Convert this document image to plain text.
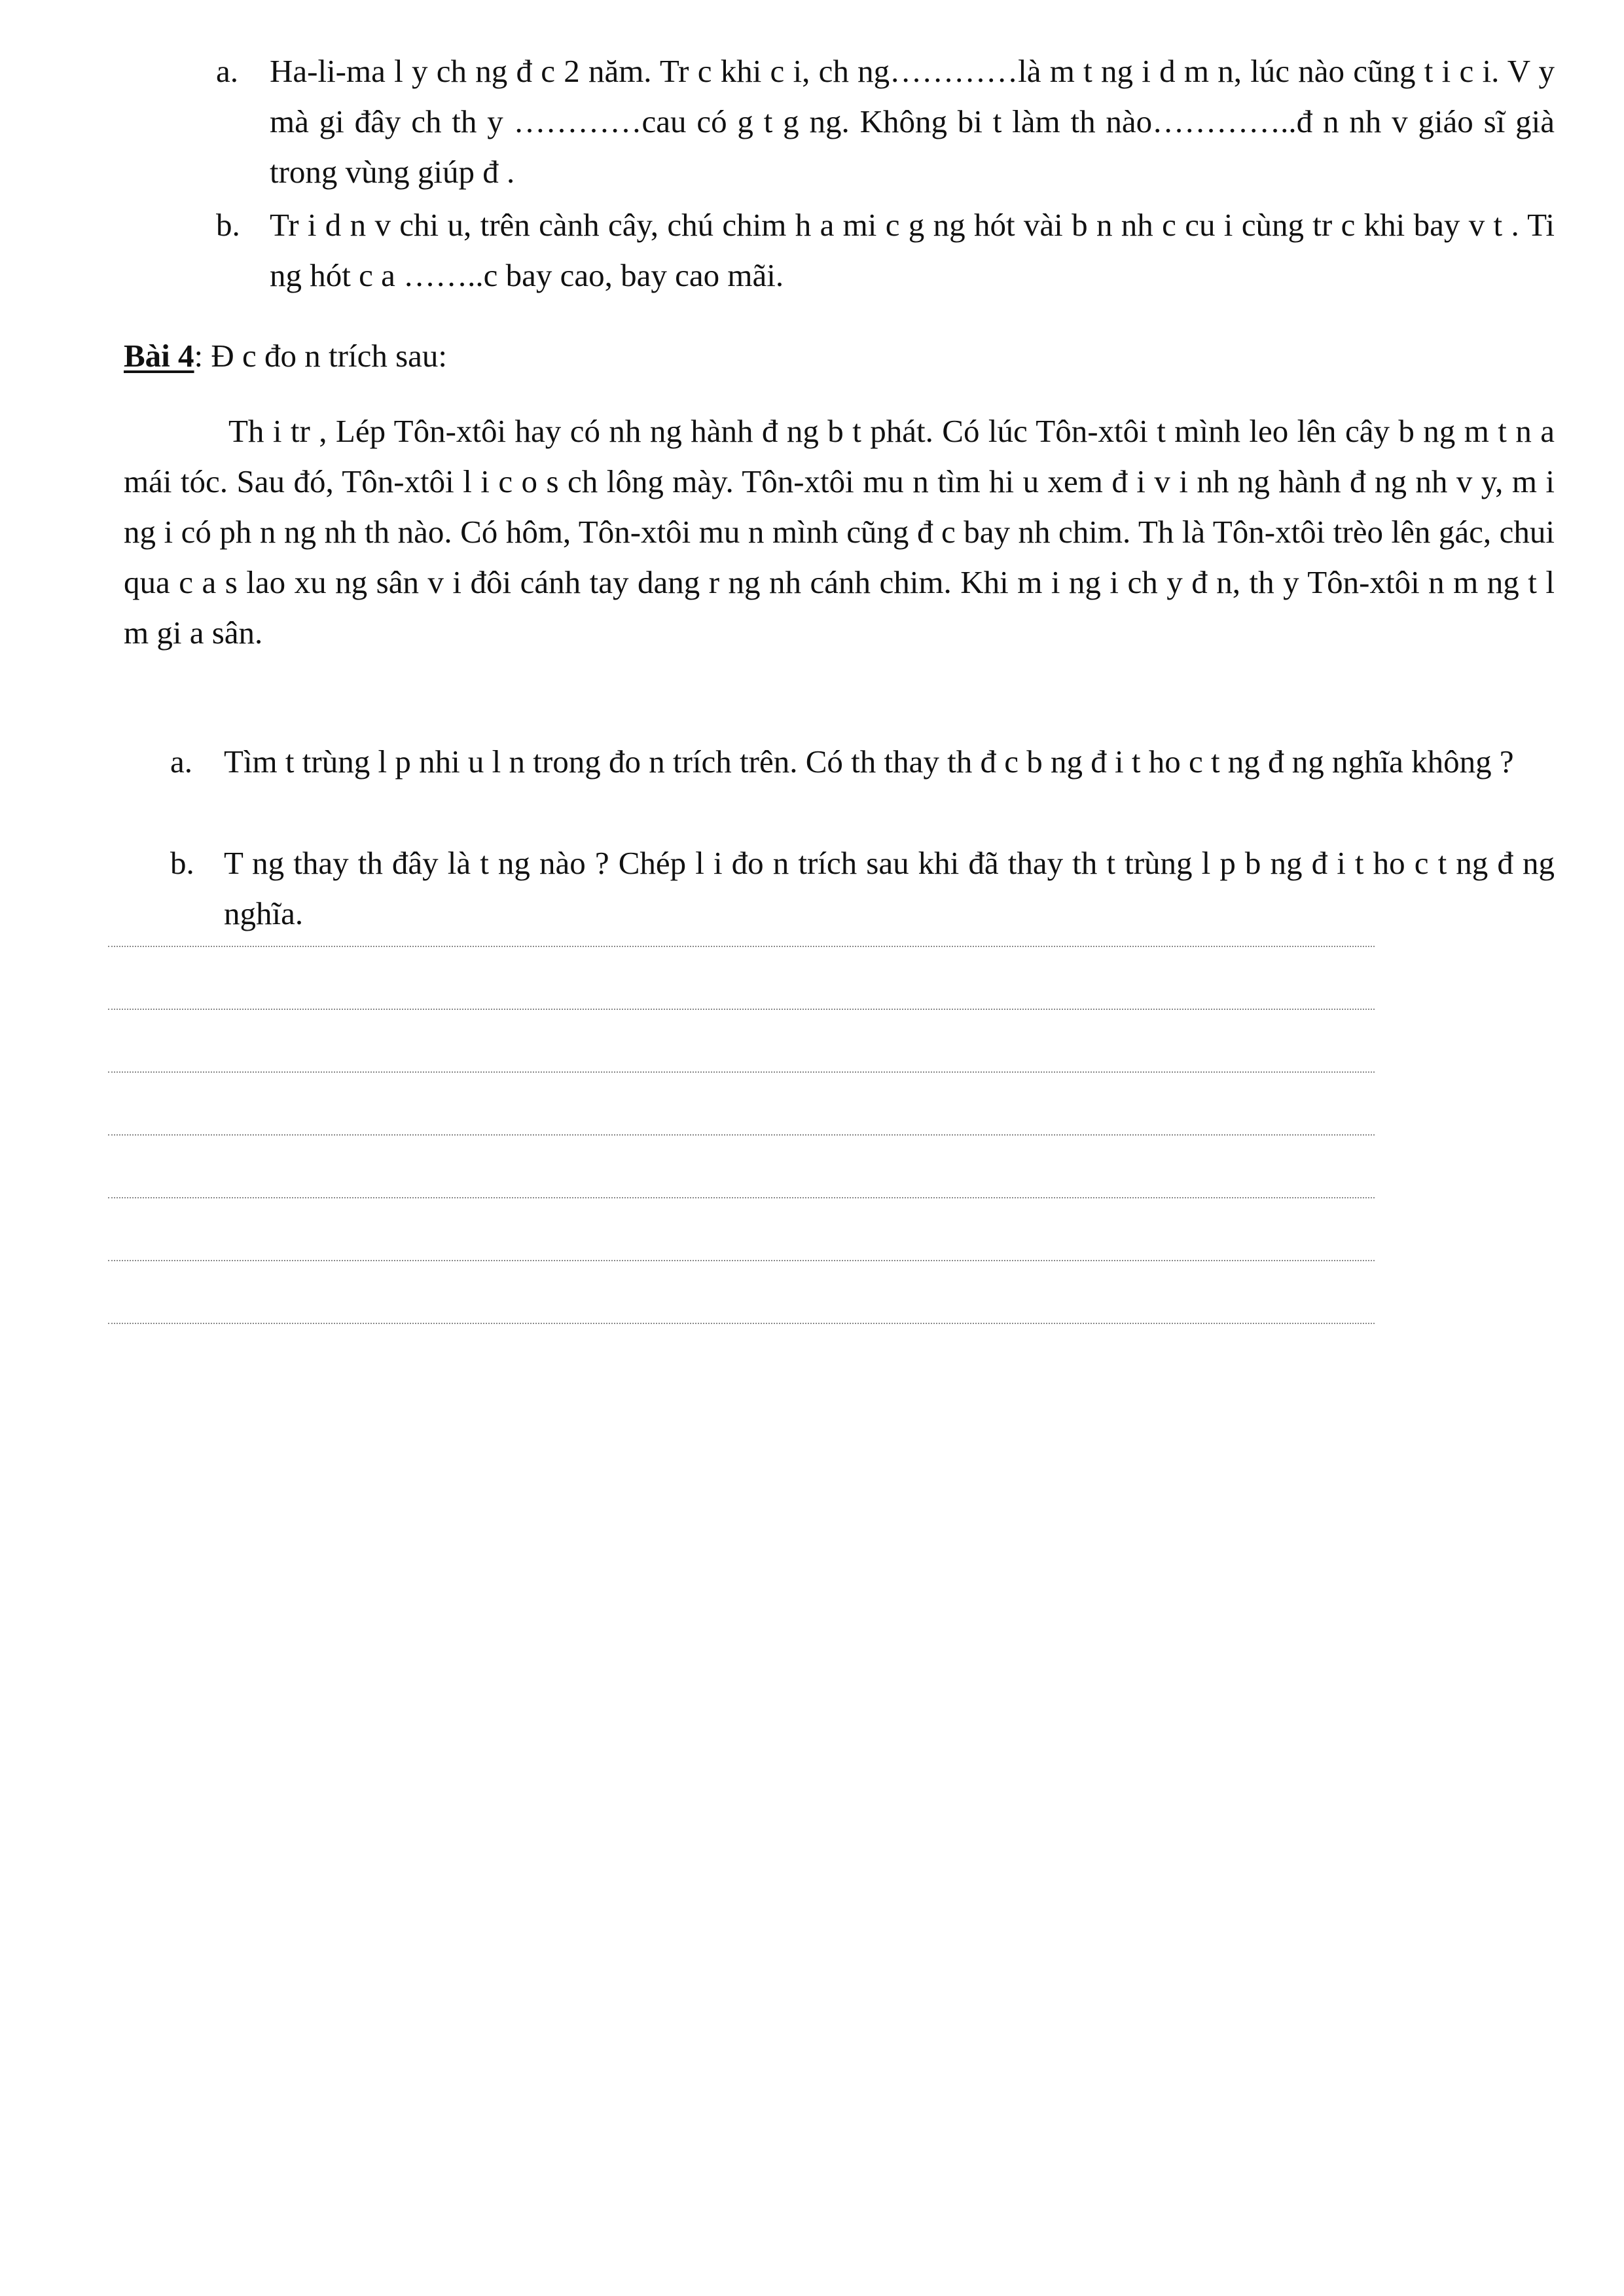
a. Ha-li-ma l y ch ng đ c 2 năm. Tr c khi c i, ch ng…………là m t ng i d m n, lúc nào cũng t i c i. V y mà gi đây ch th y …………cau có g t g ng. Không bi t làm th nào…………..đ n nh v giáo sĩ già trong vùng giúp đ .

b. Tr i d n v chi u, trên cành cây, chú chim h a mi c g ng hót vài b n nh c cu i cùng tr c khi bay v t . Ti ng hót c a ……..c bay cao, bay cao mãi.

Bài 4: Đ c đo n trích sau:

Th i tr , Lép Tôn-xtôi hay có nh ng hành đ ng b t phát. Có lúc Tôn-xtôi t mình leo lên cây b ng m t n a mái tóc. Sau đó, Tôn-xtôi l i c o s ch lông mày. Tôn-xtôi mu n tìm hi u xem đ i v i nh ng hành đ ng nh v y, m i ng i có ph n ng nh th nào. Có hôm, Tôn-xtôi mu n mình cũng đ c bay nh chim. Th là Tôn-xtôi trèo lên gác, chui qua c a s lao xu ng sân v i đôi cánh tay dang r ng nh cánh chim. Khi m i ng i ch y đ n, th y Tôn-xtôi n m ng t l m gi a sân.

a. Tìm t trùng l p nhi u l n trong đo n trích trên. Có th thay th đ c b ng đ i t ho c t ng đ ng nghĩa không ?

b. T ng thay th đây là t ng nào ? Chép l i đo n trích sau khi đã thay th t trùng l p b ng đ i t ho c t ng đ ng nghĩa.
